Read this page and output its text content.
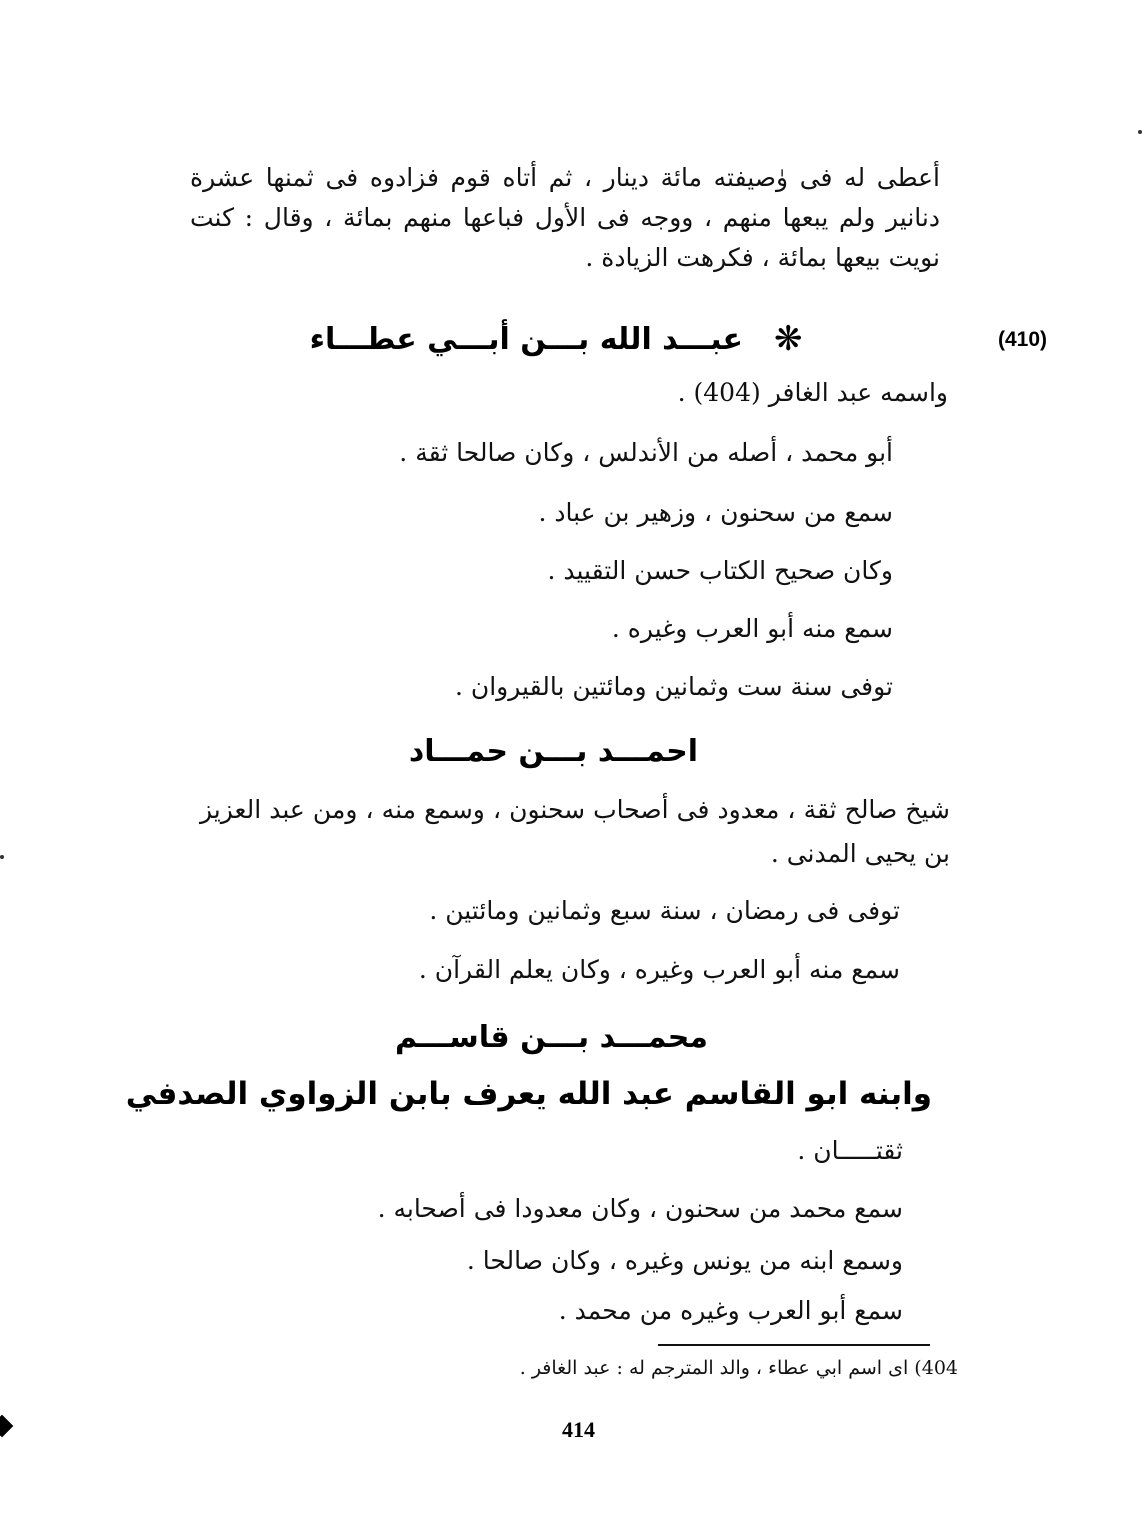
أعطى له فى وٰصيفته مائة دينار ، ثم أتاه قوم فزادوه فى ثمنها عشرة دنانير ولم يبعها منهم ، ووجه فى الأول فباعها منهم بمائة ، وقال : كنت نويت بيعها بمائة ، فكرهت الزيادة .
(410)
❋
عبـــد الله بـــن أبـــي عطـــاء
واسمه عبد الغافر (404) .
أبو محمد ، أصله من الأندلس ، وكان صالحا ثقة .
سمع من سحنون ، وزهير بن عباد .
وكان صحيح الكتاب حسن التقييد .
سمع منه أبو العرب وغيره .
توفى سنة ست وثمانين ومائتين بالقيروان .
احمـــد بـــن حمـــاد
شيخ صالح ثقة ، معدود فى أصحاب سحنون ، وسمع منه ، ومن عبد العزيز بن يحيى المدنى .
توفى فى رمضان ، سنة سبع وثمانين ومائتين .
سمع منه أبو العرب وغيره ، وكان يعلم القرآن .
محمـــد بـــن قاســـم
وابنه ابو القاسم عبد الله يعرف بابن الزواوي الصدفي
ثقتـــــان .
سمع محمد من سحنون ، وكان معدودا فى أصحابه .
وسمع ابنه من يونس وغيره ، وكان صالحا .
سمع أبو العرب وغيره من محمد .
404) اى اسم ابي عطاء ، والد المترجم له : عبد الغافر .
414
